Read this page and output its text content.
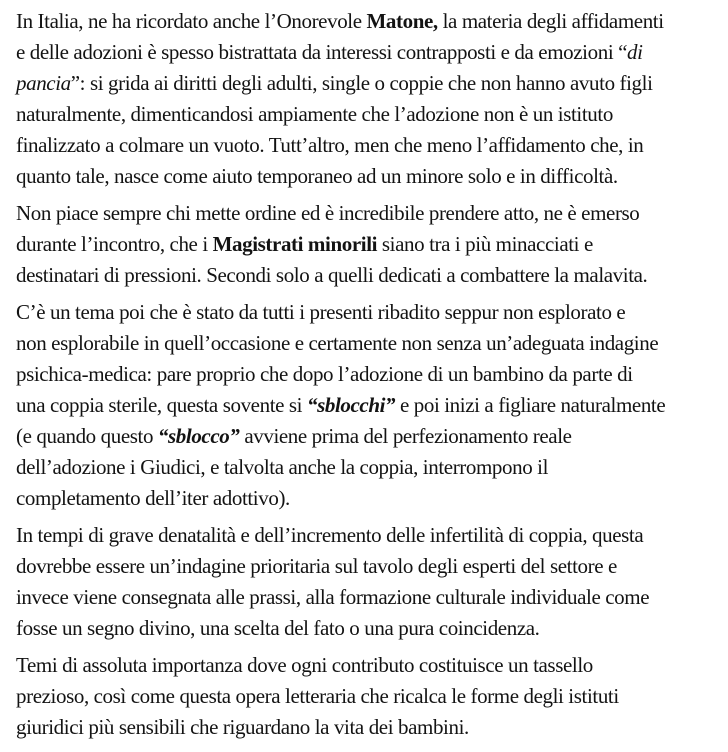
In Italia, ne ha ricordato anche l’Onorevole Matone, la materia degli affidamenti
e delle adozioni è spesso bistrattata da interessi contrapposti e da emozioni “di
pancia”: si grida ai diritti degli adulti, single o coppie che non hanno avuto figli
naturalmente, dimenticandosi ampiamente che l’adozione non è un istituto
finalizzato a colmare un vuoto. Tutt’altro, men che meno l’affidamento che, in
quanto tale, nasce come aiuto temporaneo ad un minore solo e in difficoltà.

Non piace sempre chi mette ordine ed è incredibile prendere atto, ne è emerso
durante l’incontro, che i Magistrati minorili siano tra i più minacciati e
destinatari di pressioni. Secondi solo a quelli dedicati a combattere la malavita.

C’è un tema poi che è stato da tutti i presenti ribadito seppur non esplorato e
non esplorabile in quell’occasione e certamente non senza un’adeguata indagine
psichica-medica: pare proprio che dopo l’adozione di un bambino da parte di
una coppia sterile, questa sovente si “sblocchi” e poi inizi a figliare naturalmente
(e quando questo “sblocco” avviene prima del perfezionamento reale
dell’adozione i Giudici, e talvolta anche la coppia, interrompono il
completamento dell’iter adottivo).

In tempi di grave denatalità e dell’incremento delle infertilità di coppia, questa
dovrebbe essere un’indagine prioritaria sul tavolo degli esperti del settore e
invece viene consegnata alle prassi, alla formazione culturale individuale come
fosse un segno divino, una scelta del fato o una pura coincidenza.

Temi di assoluta importanza dove ogni contributo costituisce un tassello
prezioso, così come questa opera letteraria che ricalca le forme degli istituti
giuridici più sensibili che riguardano la vita dei bambini.
